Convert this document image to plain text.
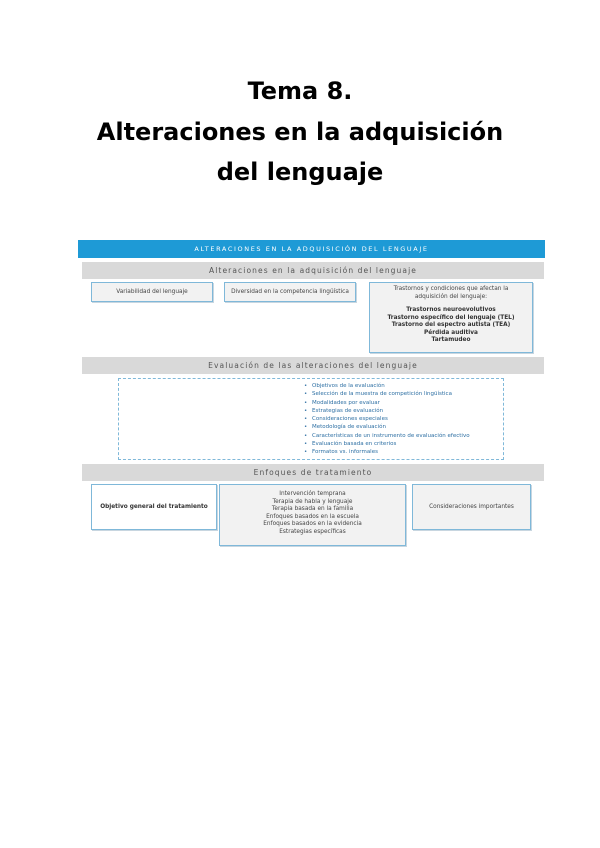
Tema 8.
Alteraciones en la adquisición
del lenguaje
ALTERACIONES EN LA ADQUISICIÓN DEL LENGUAJE
Alteraciones en la adquisición del lenguaje
Variabilidad del lenguaje	Diversidad en la competencia lingüística	Trastornos y condiciones que afectan la adquisición del lenguaje:
Trastornos neurоevolutivos
Trastorno específico del lenguaje (TEL)
Trastorno del espectro autista (TEA)
Pérdida auditiva
Tartamudeo
Evaluación de las alteraciones del lenguaje
• Objetivos de la evaluación
• Selección de la muestra de competición lingüística
• Modalidades por evaluar
• Estrategias de evaluación
• Consideraciones especiales
• Metodología de evaluación
• Características de un instrumento de evaluación efectivo
• Evaluación basada en criterios
• Formatos vs. informales
Enfoques de tratamiento
Objetivo general del tratamiento
Intervención temprana
Terapia de habla y lenguaje
Terapia basada en la familia
Enfoques basados en la escuela
Enfoques basados en la evidencia
Estrategias específicas
Consideraciones importantes
